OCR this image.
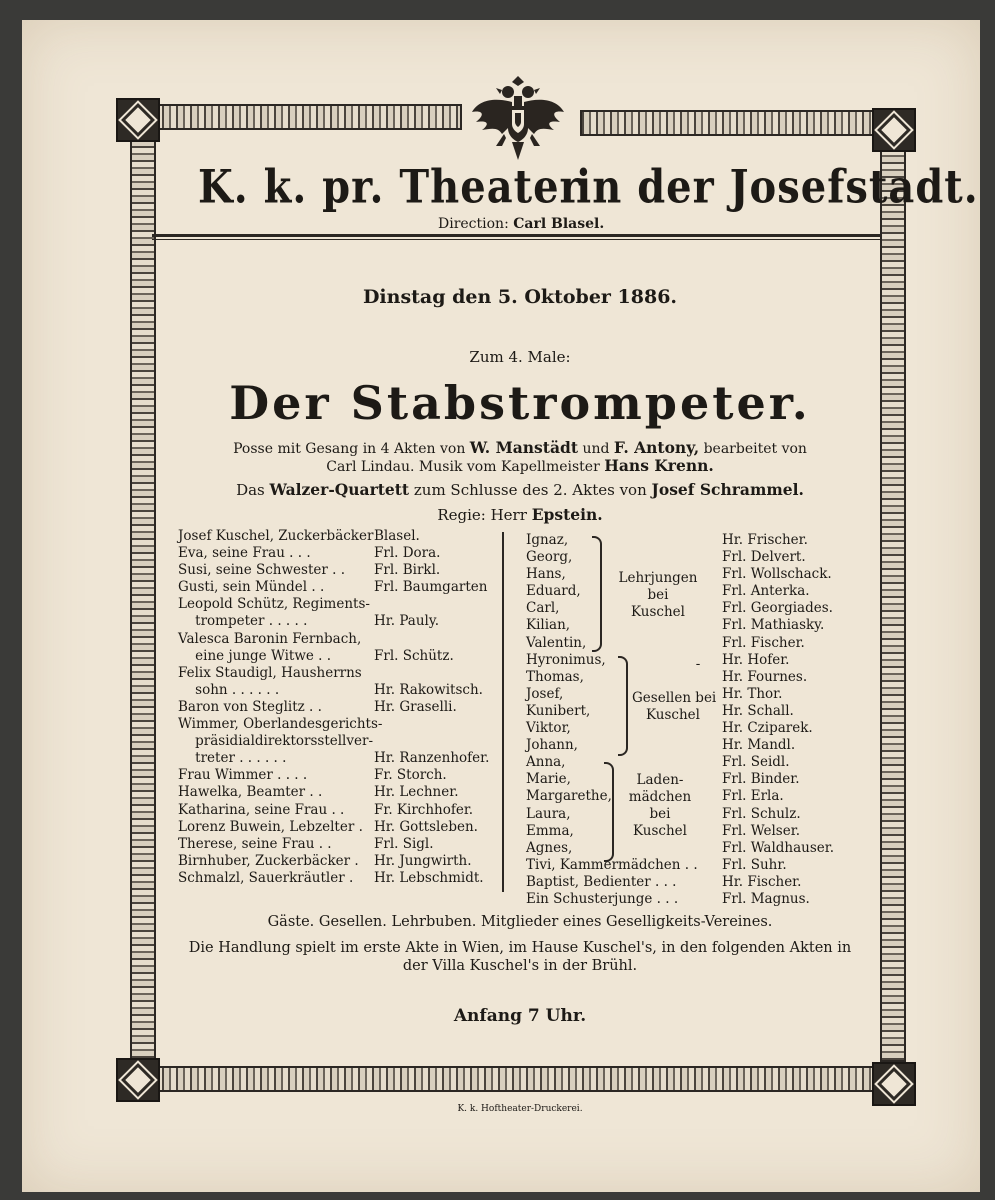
K. k. pr. Theater
in der Josefstadt.
Direction: Carl Blasel.
Dinstag den 5. Oktober 1886.
Zum 4. Male:
Der Stabstrompeter.
Posse mit Gesang in 4 Akten von W. Manstädt und F. Antony, bearbeitet von
Carl Lindau. Musik vom Kapellmeister Hans Krenn.
Das Walzer-Quartett zum Schlusse des 2. Aktes von Josef Schrammel.
Regie: Herr Epstein.
Josef Kuschel, Zuckerbäcker Blasel.
Eva, seine Frau . . .	Frl. Dora.
Susi, seine Schwester . . Frl. Birkl.
Gusti, sein Mündel . .	Frl. Baumgarten
Leopold Schütz, Regiments-
trompeter . . . . .	Hr. Pauly.
Valesca Baronin Fernbach,
eine junge Witwe . .	Frl. Schütz.
Felix Staudigl, Hausherrns
sohn . . . . . .	Hr. Rakowitsch.
Baron von Steglitz . .	Hr. Graselli.
Wimmer, Oberlandesgerichts-
präsidialdirektorsstellver-
treter . . . . . .	Hr. Ranzenhofer.
Frau Wimmer . . . .	Fr. Storch.
Hawelka, Beamter . .	Hr. Lechner.
Katharina, seine Frau . . Fr. Kirchhofer.
Lorenz Buwein, Lebzelter . Hr. Gottsleben.
Therese, seine Frau . .	Frl. Sigl.
Birnhuber, Zuckerbäcker . Hr. Jungwirth.
Schmalzl, Sauerkräutler . Hr. Lebschmidt.
Ignaz,	Hr. Frischer.
Georg,	Frl. Delvert.
Hans,	Frl. Wollschack.
Eduard,	Frl. Anterka.
Carl,	Frl. Georgiades.
Kilian,	Frl. Mathiasky.
Valentin,	Frl. Fischer.
Hyronimus,	Hr. Hofer.
Thomas,	Hr. Fournes.
Josef,	Hr. Thor.
Kunibert,	Hr. Schall.
Viktor,	Hr. Cziparek.
Johann,	Hr. Mandl.
Anna,	Frl. Seidl.
Marie,	Frl. Binder.
Margarethe,	Frl. Erla.
Laura,	Frl. Schulz.
Emma,	Frl. Welser.
Agnes,	Frl. Waldhauser.
Tivi, Kammermädchen . . Frl. Suhr.
Baptist, Bedienter . . .	Hr. Fischer.
Ein Schusterjunge . . .	Frl. Magnus.
Lehrjungen
bei
Kuschel
-
Gesellen bei
Kuschel
Laden-
mädchen
bei
Kuschel
Gäste. Gesellen. Lehrbuben. Mitglieder eines Geselligkeits-Vereines.
Die Handlung spielt im erste Akte in Wien, im Hause Kuschel's, in den folgenden Akten in
der Villa Kuschel's in der Brühl.
Anfang 7 Uhr.
K. k. Hoftheater-Druckerei.
